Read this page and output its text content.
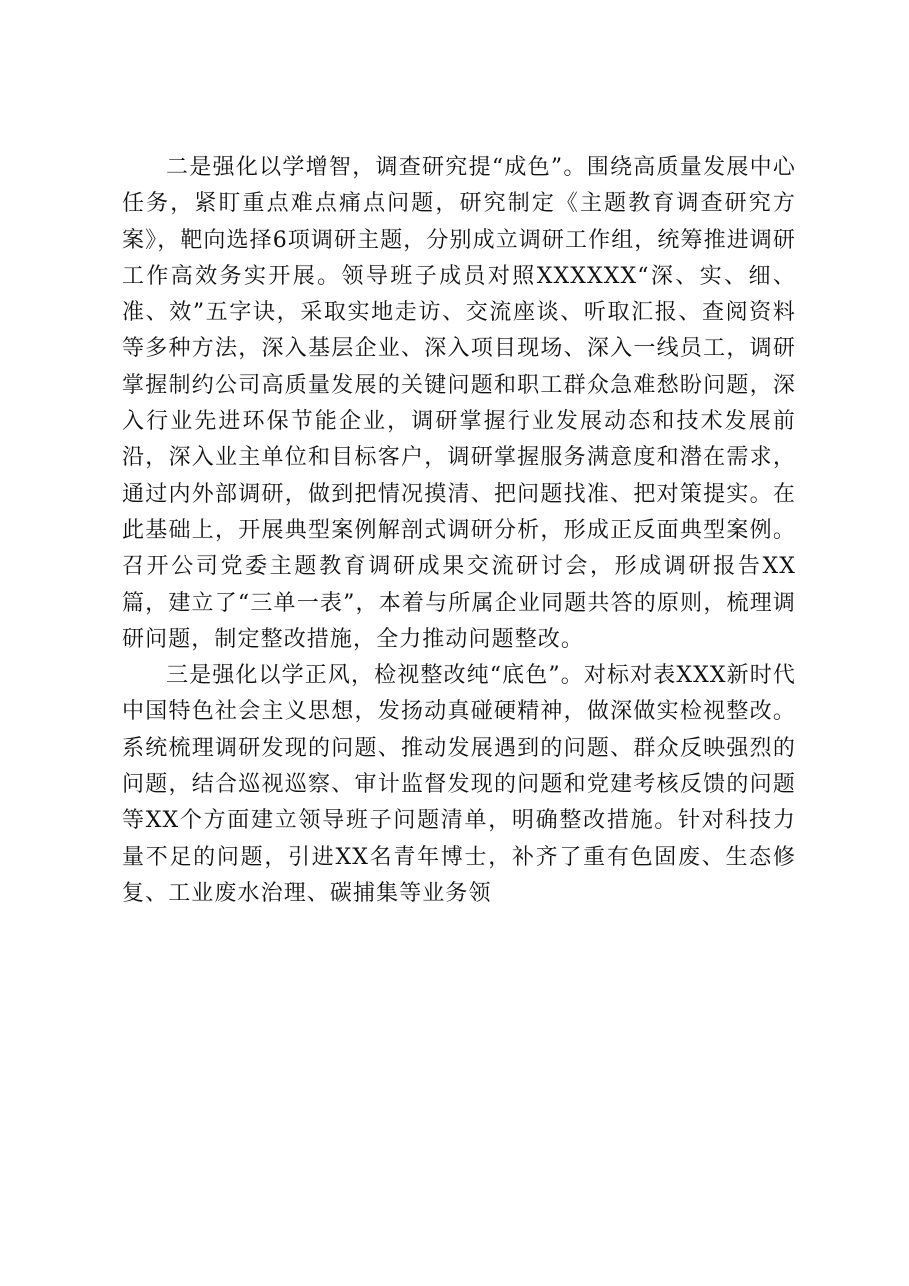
二是强化以学增智，调查研究提“成色”。围绕高质量发展中心任务，紧盯重点难点痛点问题，研究制定《主题教育调查研究方案》，靶向选择6项调研主题，分别成立调研工作组，统筹推进调研工作高效务实开展。领导班子成员对照XXXXXX“深、实、细、准、效”五字诀，采取实地走访、交流座谈、听取汇报、查阅资料等多种方法，深入基层企业、深入项目现场、深入一线员工，调研掌握制约公司高质量发展的关键问题和职工群众急难愁盼问题，深入行业先进环保节能企业，调研掌握行业发展动态和技术发展前沿，深入业主单位和目标客户，调研掌握服务满意度和潜在需求，通过内外部调研，做到把情况摸清、把问题找准、把对策提实。在此基础上，开展典型案例解剖式调研分析，形成正反面典型案例。召开公司党委主题教育调研成果交流研讨会，形成调研报告XX篇，建立了“三单一表”，本着与所属企业同题共答的原则，梳理调研问题，制定整改措施，全力推动问题整改。

三是强化以学正风，检视整改纯“底色”。对标对表XXX新时代中国特色社会主义思想，发扬动真碰硬精神，做深做实检视整改。系统梳理调研发现的问题、推动发展遇到的问题、群众反映强烈的问题，结合巡视巡察、审计监督发现的问题和党建考核反馈的问题等XX个方面建立领导班子问题清单，明确整改措施。针对科技力量不足的问题，引进XX名青年博士，补齐了重有色固废、生态修复、工业废水治理、碳捕集等业务领
